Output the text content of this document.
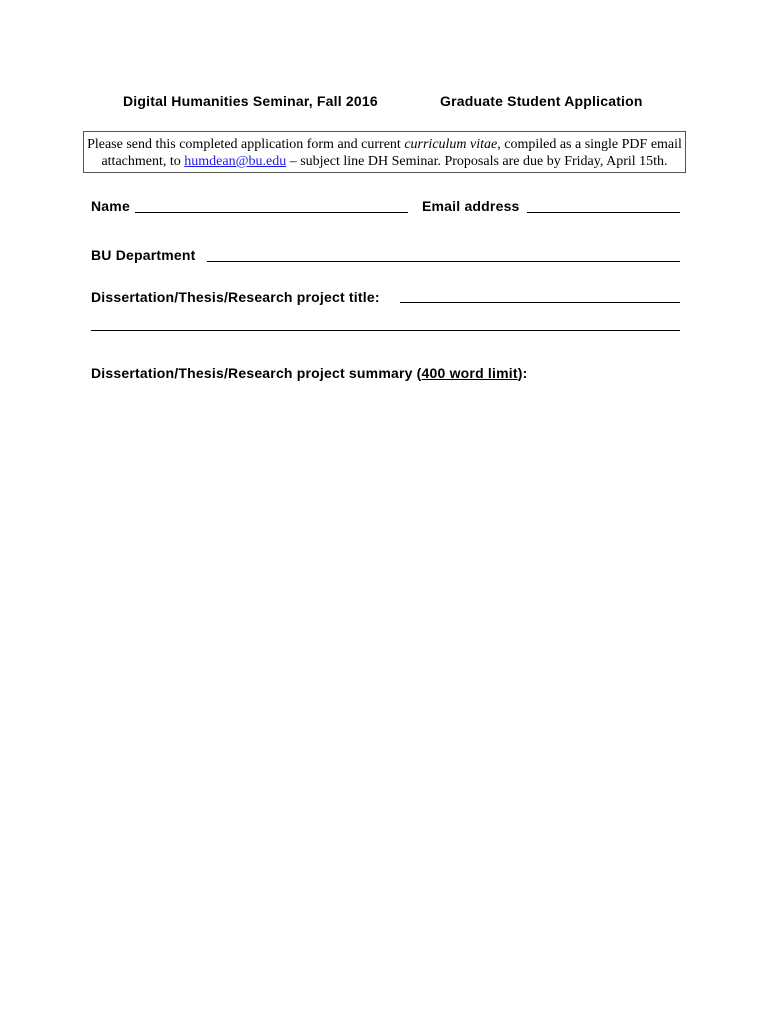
Digital Humanities Seminar, Fall 2016	Graduate Student Application
Please send this completed application form and current curriculum vitae, compiled as a single PDF email attachment, to humdean@bu.edu – subject line DH Seminar. Proposals are due by Friday, April 15th.
Name	Email address
BU Department
Dissertation/Thesis/Research project title:
Dissertation/Thesis/Research project summary (400 word limit):
